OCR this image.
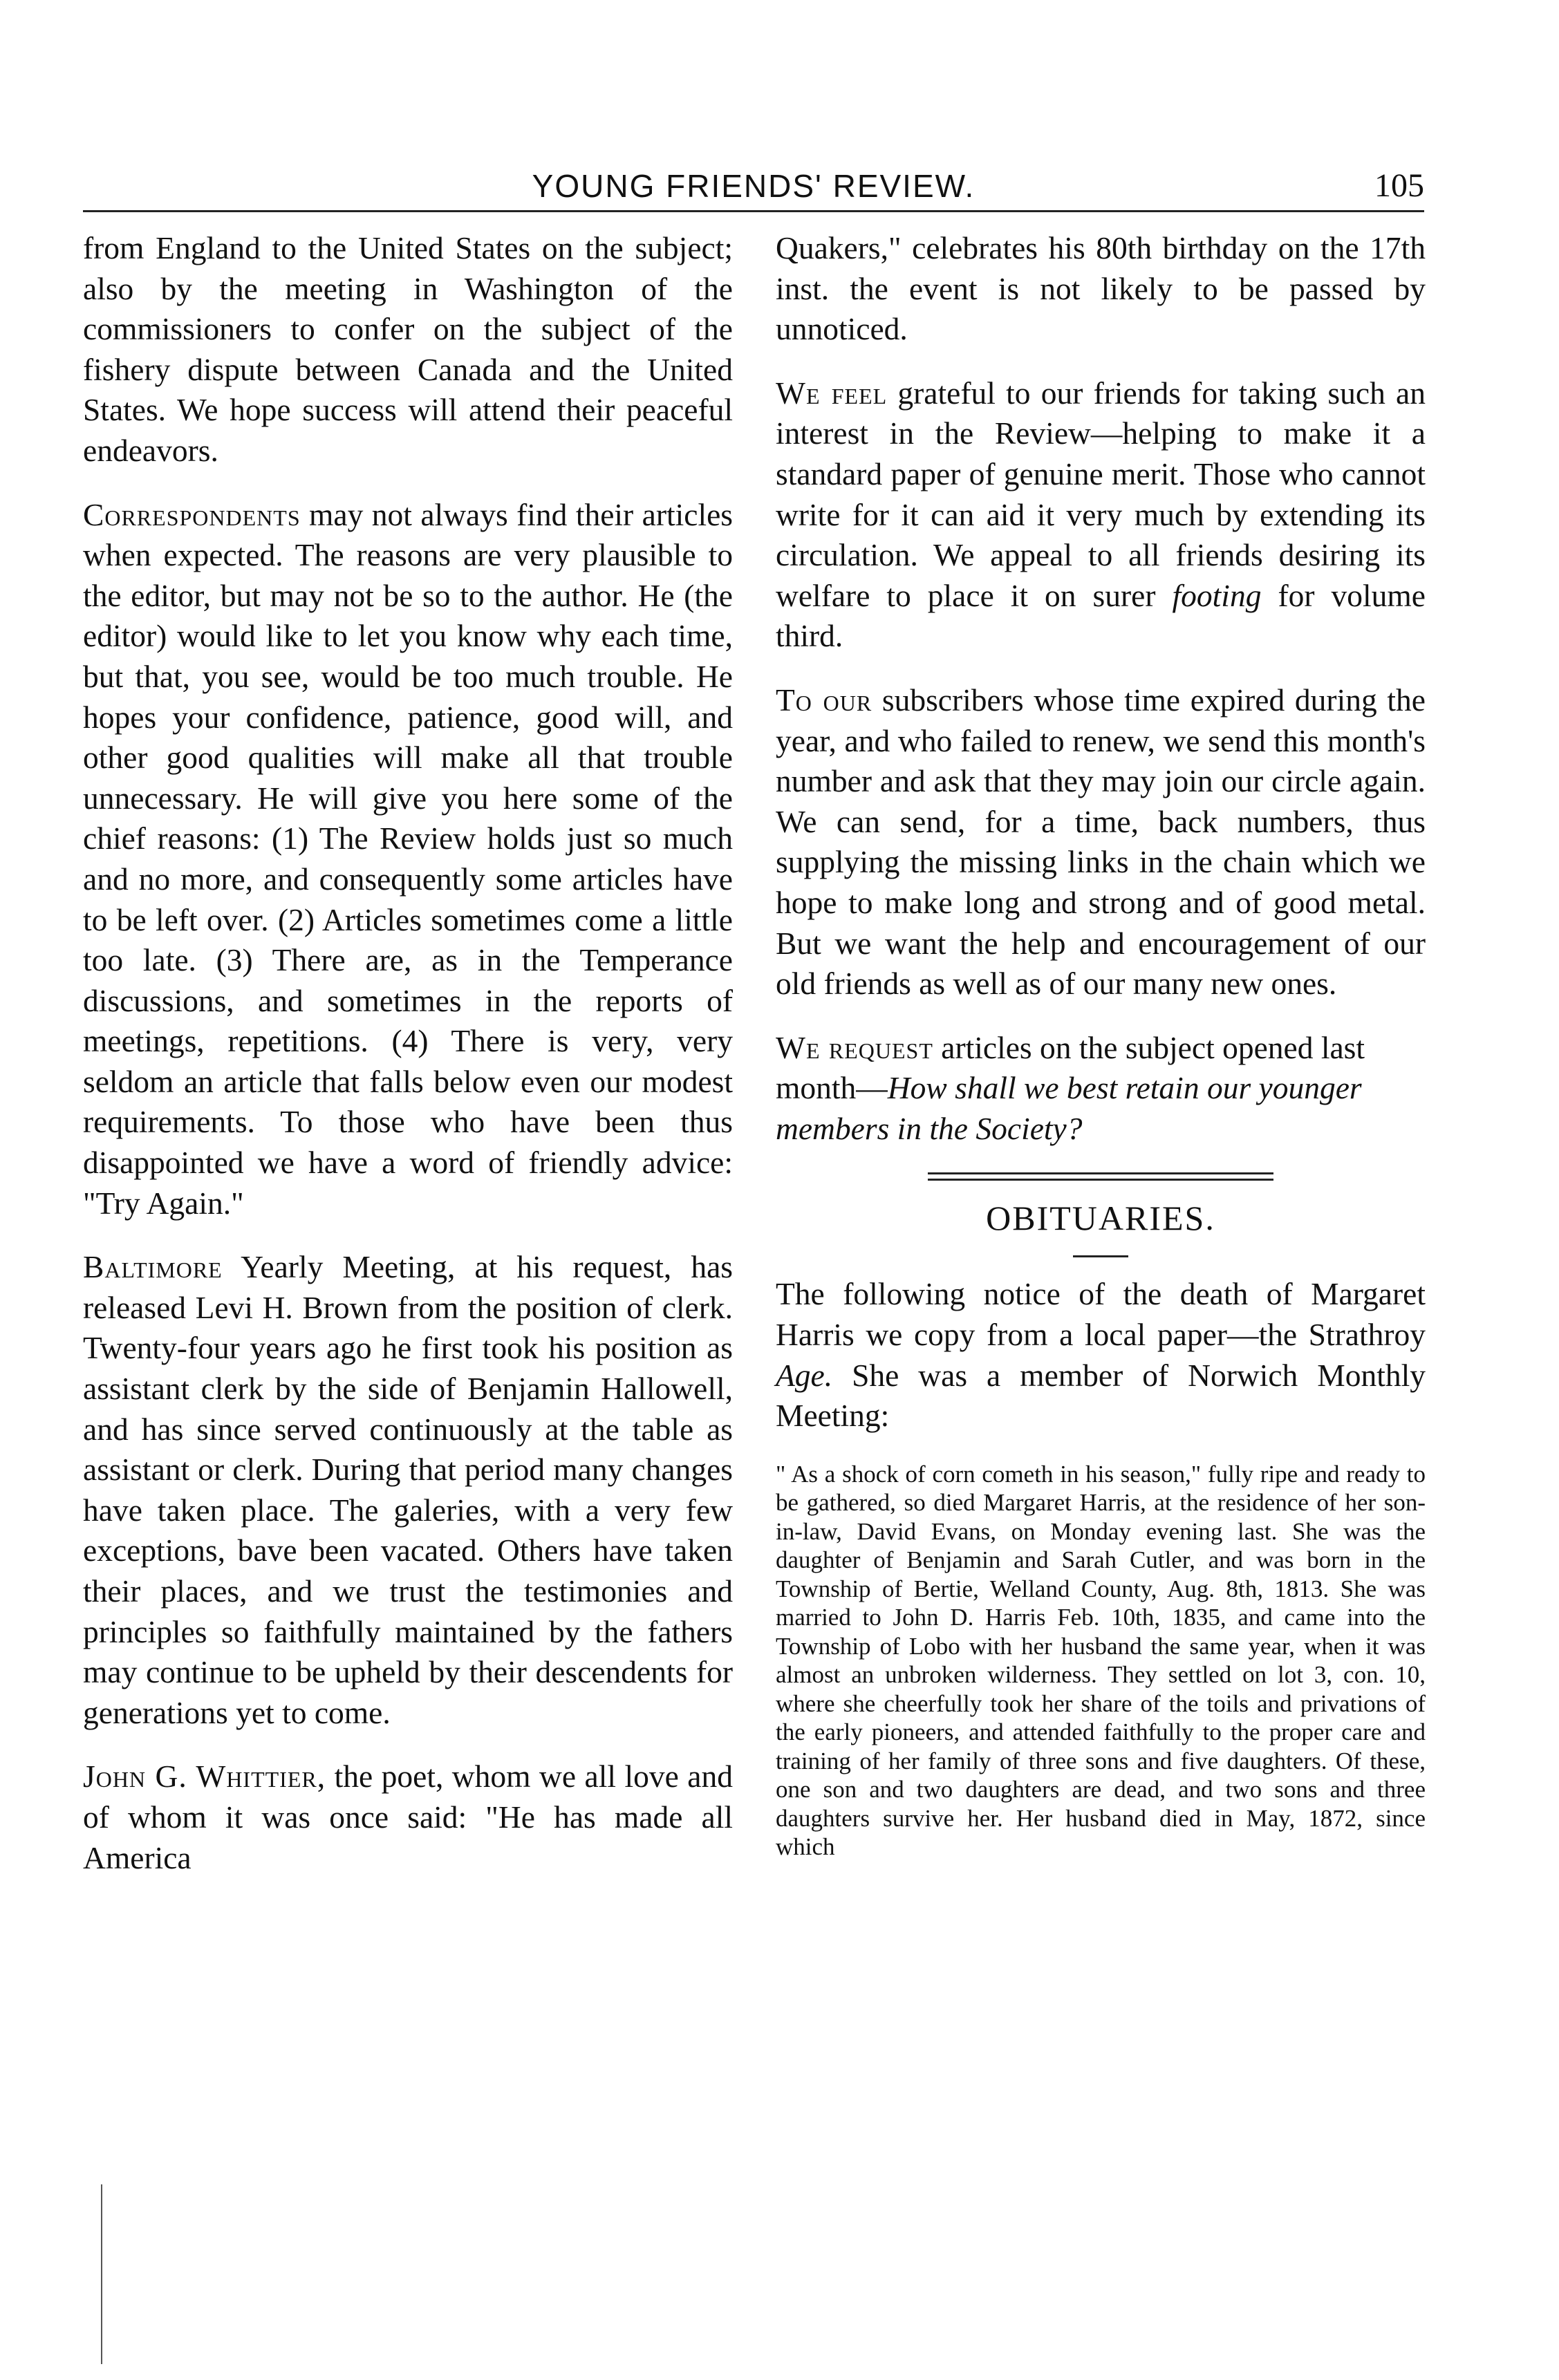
YOUNG FRIENDS' REVIEW.	105

from England to the United States on the subject; also by the meeting in Washington of the commissioners to confer on the subject of the fishery dispute between Canada and the United States. We hope success will attend their peaceful endeavors.

Correspondents may not always find their articles when expected. The reasons are very plausible to the editor, but may not be so to the author. He (the editor) would like to let you know why each time, but that, you see, would be too much trouble. He hopes your confidence, patience, good will, and other good qualities will make all that trouble unnecessary. He will give you here some of the chief reasons: (1) The Review holds just so much and no more, and consequently some articles have to be left over. (2) Articles sometimes come a little too late. (3) There are, as in the Temperance discussions, and sometimes in the reports of meetings, repetitions. (4) There is very, very seldom an article that falls below even our modest requirements. To those who have been thus disappointed we have a word of friendly advice: "Try Again."

Baltimore Yearly Meeting, at his request, has released Levi H. Brown from the position of clerk. Twenty-four years ago he first took his position as assistant clerk by the side of Benjamin Hallowell, and has since served continuously at the table as assistant or clerk. During that period many changes have taken place. The galeries, with a very few exceptions, bave been vacated. Others have taken their places, and we trust the testimonies and principles so faithfully maintained by the fathers may continue to be upheld by their descendents for generations yet to come.

John G. Whittier, the poet, whom we all love and of whom it was once said: "He has made all America

Quakers," celebrates his 80th birthday on the 17th inst. the event is not likely to be passed by unnoticed.

We feel grateful to our friends for taking such an interest in the Review—helping to make it a standard paper of genuine merit. Those who cannot write for it can aid it very much by extending its circulation. We appeal to all friends desiring its welfare to place it on surer footing for volume third.

To our subscribers whose time expired during the year, and who failed to renew, we send this month's number and ask that they may join our circle again. We can send, for a time, back numbers, thus supplying the missing links in the chain which we hope to make long and strong and of good metal. But we want the help and encouragement of our old friends as well as of our many new ones.

We request articles on the subject opened last month—How shall we best retain our younger members in the Society?

OBITUARIES.

The following notice of the death of Margaret Harris we copy from a local paper—the Strathroy Age. She was a member of Norwich Monthly Meeting:

" As a shock of corn cometh in his season," fully ripe and ready to be gathered, so died Margaret Harris, at the residence of her son-in-law, David Evans, on Monday evening last. She was the daughter of Benjamin and Sarah Cutler, and was born in the Township of Bertie, Welland County, Aug. 8th, 1813. She was married to John D. Harris Feb. 10th, 1835, and came into the Township of Lobo with her husband the same year, when it was almost an unbroken wilderness. They settled on lot 3, con. 10, where she cheerfully took her share of the toils and privations of the early pioneers, and attended faithfully to the proper care and training of her family of three sons and five daughters. Of these, one son and two daughters are dead, and two sons and three daughters survive her. Her husband died in May, 1872, since which
